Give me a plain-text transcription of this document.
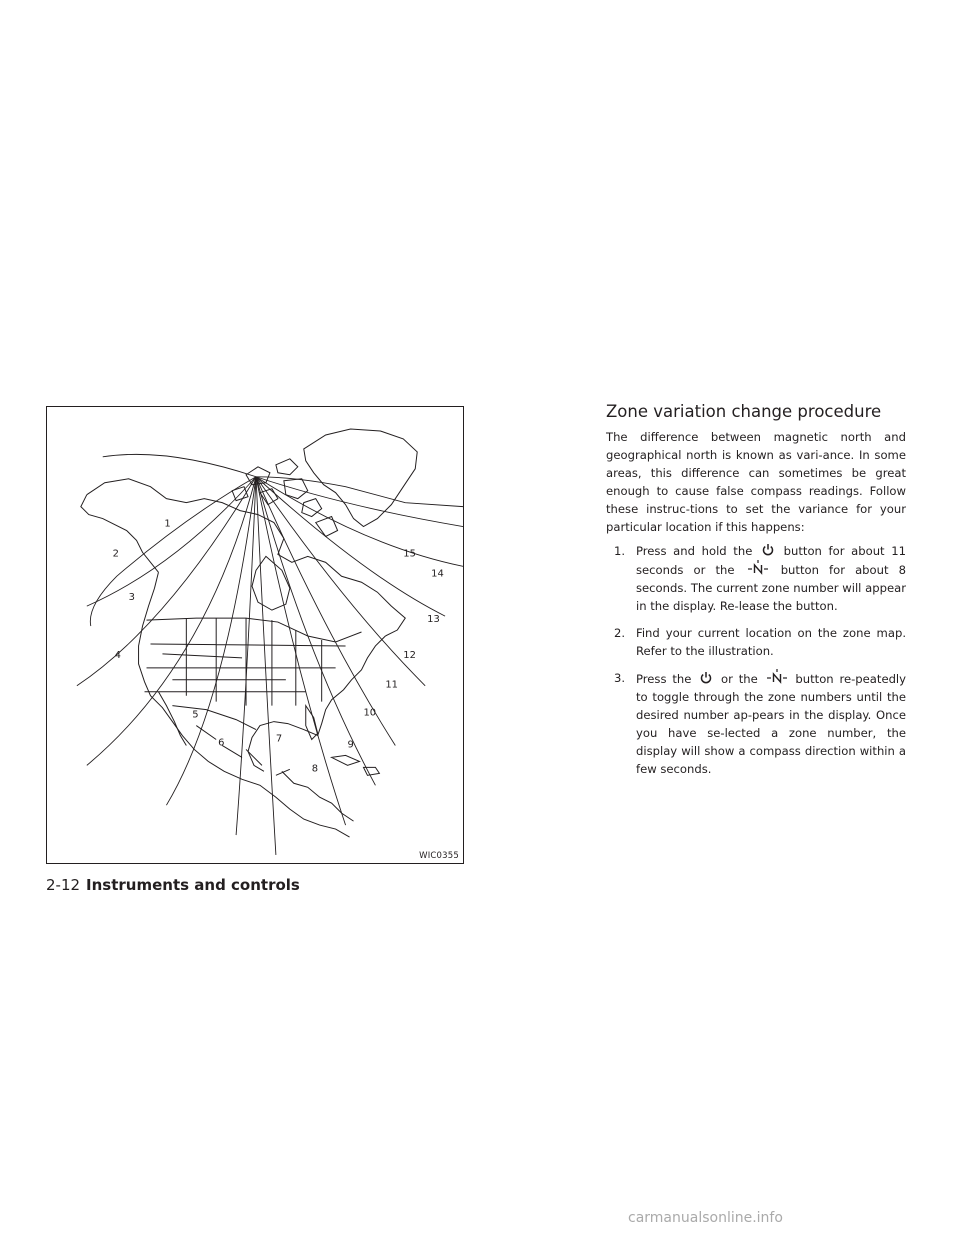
1
2
3
4
5
6	7
8
9
10
11
12
13
14
15
WIC0355
2-12 Instruments and controls
Zone variation change procedure

The difference between magnetic north and geographical north is known as vari-ance. In some areas, this difference can sometimes be great enough to cause false compass readings. Follow these instruc-tions to set the variance for your particular location if this happens:

1. Press and hold the	button for about 11 seconds or the	button for about 8 seconds. The current zone number will appear in the display. Re-lease the button.
2. Find your current location on the zone map. Refer to the illustration.
3. Press the	or the	button re-peatedly to toggle through the zone numbers until the desired number ap-pears in the display. Once you have se-lected a zone number, the display will show a compass direction within a few seconds.
carmanualsonline.info
